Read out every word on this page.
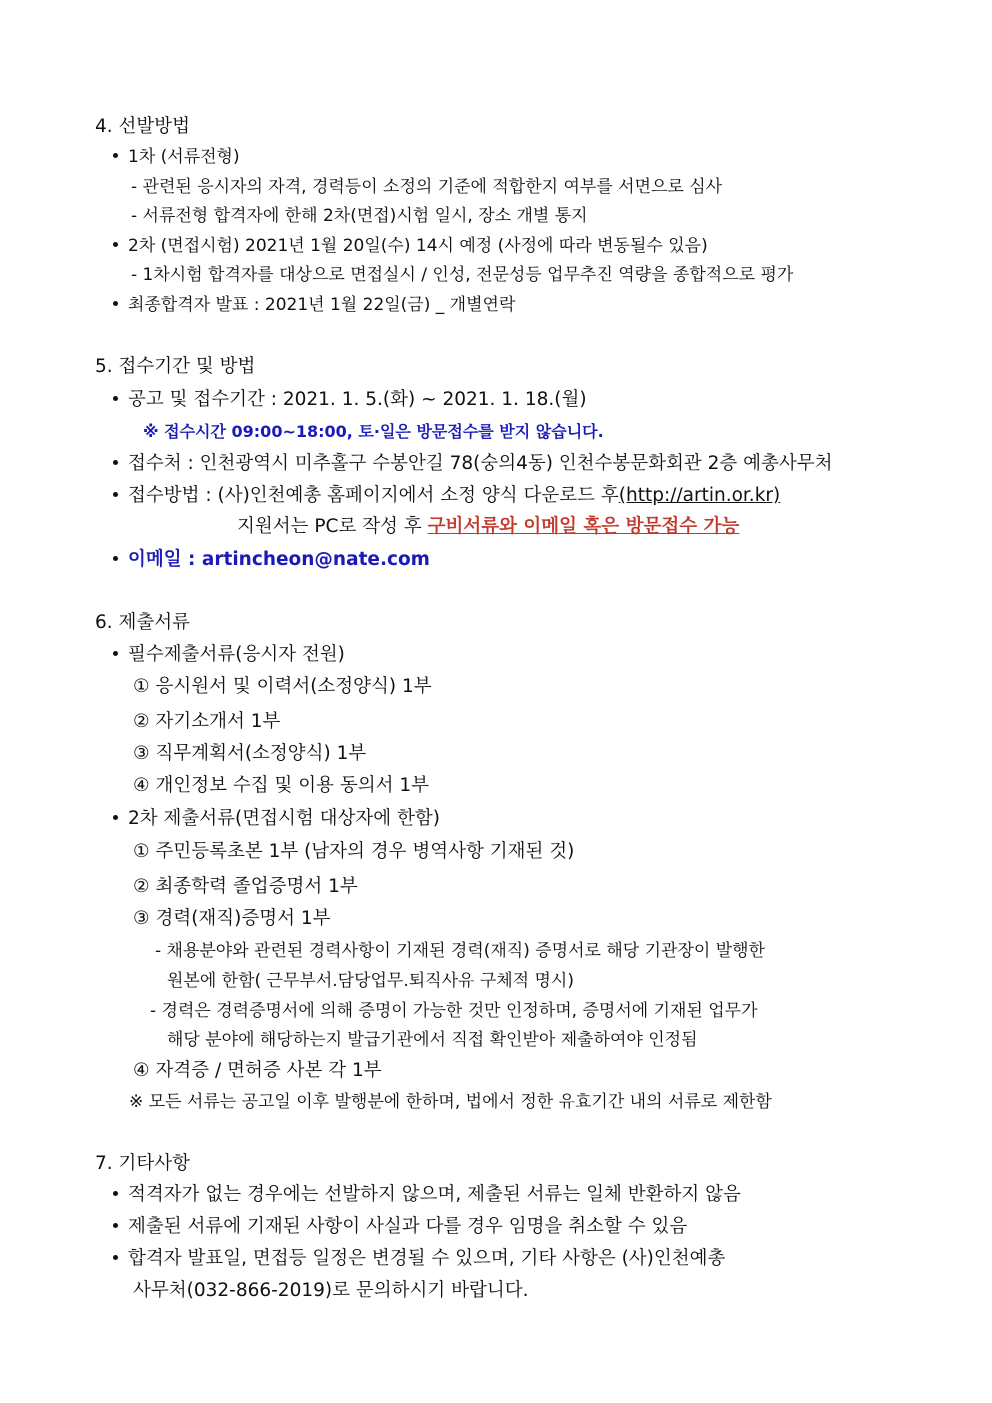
4. 선발방법
1차 (서류전형)
- 관련된 응시자의 자격, 경력등이 소정의 기준에 적합한지 여부를 서면으로 심사
- 서류전형 합격자에 한해 2차(면접)시험 일시, 장소 개별 통지
2차 (면접시험) 2021년 1월 20일(수) 14시 예정 (사정에 따라 변동될수 있음)
- 1차시험 합격자를 대상으로 면접실시 / 인성, 전문성등 업무추진 역량을 종합적으로 평가
최종합격자 발표 : 2021년 1월 22일(금) _ 개별연락
5. 접수기간 및 방법
공고 및 접수기간 : 2021. 1. 5.(화) ~ 2021. 1. 18.(월)
※ 접수시간 09:00~18:00, 토·일은 방문접수를 받지 않습니다.
접수처 : 인천광역시 미추홀구 수봉안길 78(숭의4동) 인천수봉문화회관 2층 예총사무처
접수방법 : (사)인천예총 홈페이지에서 소정 양식 다운로드 후(http://artin.or.kr)
지원서는 PC로 작성 후 구비서류와 이메일 혹은 방문접수 가능
이메일 : artincheon@nate.com
6. 제출서류
필수제출서류(응시자 전원)
① 응시원서 및 이력서(소정양식) 1부
② 자기소개서 1부
③ 직무계획서(소정양식) 1부
④ 개인정보 수집 및 이용 동의서 1부
2차 제출서류(면접시험 대상자에 한함)
① 주민등록초본 1부 (남자의 경우 병역사항 기재된 것)
② 최종학력 졸업증명서 1부
③ 경력(재직)증명서 1부
- 채용분야와 관련된 경력사항이 기재된 경력(재직) 증명서로 해당 기관장이 발행한
원본에 한함( 근무부서.담당업무.퇴직사유 구체적 명시)
- 경력은 경력증명서에 의해 증명이 가능한 것만 인정하며, 증명서에 기재된 업무가
해당 분야에 해당하는지 발급기관에서 직접 확인받아 제출하여야 인정됨
④ 자격증 / 면허증 사본 각 1부
※ 모든 서류는 공고일 이후 발행분에 한하며, 법에서 정한 유효기간 내의 서류로 제한함
7. 기타사항
적격자가 없는 경우에는 선발하지 않으며, 제출된 서류는 일체 반환하지 않음
제출된 서류에 기재된 사항이 사실과 다를 경우 임명을 취소할 수 있음
합격자 발표일, 면접등 일정은 변경될 수 있으며, 기타 사항은 (사)인천예총
사무처(032-866-2019)로 문의하시기 바랍니다.
